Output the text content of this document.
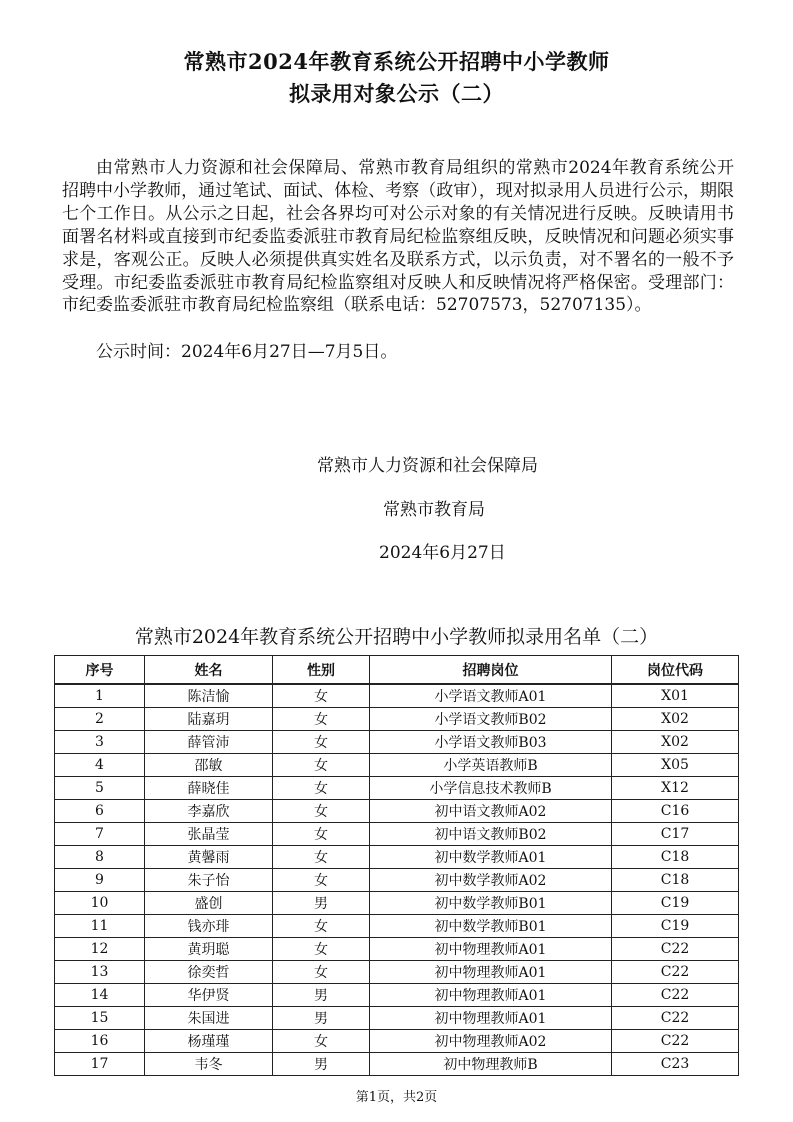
常熟市2024年教育系统公开招聘中小学教师
拟录用对象公示（二）
由常熟市人力资源和社会保障局、常熟市教育局组织的常熟市2024年教育系统公开招聘中小学教师，通过笔试、面试、体检、考察（政审），现对拟录用人员进行公示，期限七个工作日。从公示之日起，社会各界均可对公示对象的有关情况进行反映。反映请用书面署名材料或直接到市纪委监委派驻市教育局纪检监察组反映，反映情况和问题必须实事求是，客观公正。反映人必须提供真实姓名及联系方式，以示负责，对不署名的一般不予受理。市纪委监委派驻市教育局纪检监察组对反映人和反映情况将严格保密。受理部门：市纪委监委派驻市教育局纪检监察组（联系电话：52707573，52707135）。
公示时间：2024年6月27日—7月5日。
常熟市人力资源和社会保障局
常熟市教育局
2024年6月27日
常熟市2024年教育系统公开招聘中小学教师拟录用名单（二）
序号	姓名	性别	招聘岗位	岗位代码
1	陈洁愉	女	小学语文教师A01	X01
2	陆嘉玥	女	小学语文教师B02	X02
3	薛管沛	女	小学语文教师B03	X02
4	邵敏	女	小学英语教师B	X05
5	薛晓佳	女	小学信息技术教师B	X12
6	李嘉欣	女	初中语文教师A02	C16
7	张晶莹	女	初中语文教师B02	C17
8	黄馨雨	女	初中数学教师A01	C18
9	朱子怡	女	初中数学教师A02	C18
10	盛创	男	初中数学教师B01	C19
11	钱亦琲	女	初中数学教师B01	C19
12	黄玥聪	女	初中物理教师A01	C22
13	徐奕哲	女	初中物理教师A01	C22
14	华伊贤	男	初中物理教师A01	C22
15	朱国进	男	初中物理教师A01	C22
16	杨瑾瑾	女	初中物理教师A02	C22
17	韦冬	男	初中物理教师B	C23
第1页，共2页
